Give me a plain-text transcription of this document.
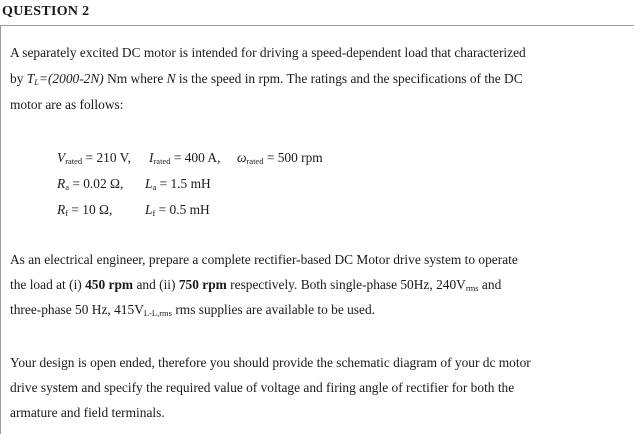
QUESTION 2
A separately excited DC motor is intended for driving a speed-dependent load that characterized
by $T_L=(2000-2N)$ Nm where N is the speed in rpm. The ratings and the specifications of the DC
motor are as follows:
$V_{rated} = 210$ V, $I_{rated} = 400$ A, $\omega_{rated} = 500$ rpm
$R_a = 0.02$ Ω, $L_a = 1.5$ mH
$R_f = 10$ Ω, $L_f = 0.5$ mH
As an electrical engineer, prepare a complete rectifier-based DC Motor drive system to operate
the load at (i) 450 rpm and (ii) 750 rpm respectively. Both single-phase 50Hz, $240V_{rms}$ and
three-phase 50 Hz, $415V_{L-L,rms}$ rms supplies are available to be used.
Your design is open ended, therefore you should provide the schematic diagram of your dc motor
drive system and specify the required value of voltage and firing angle of rectifier for both the
armature and field terminals.
